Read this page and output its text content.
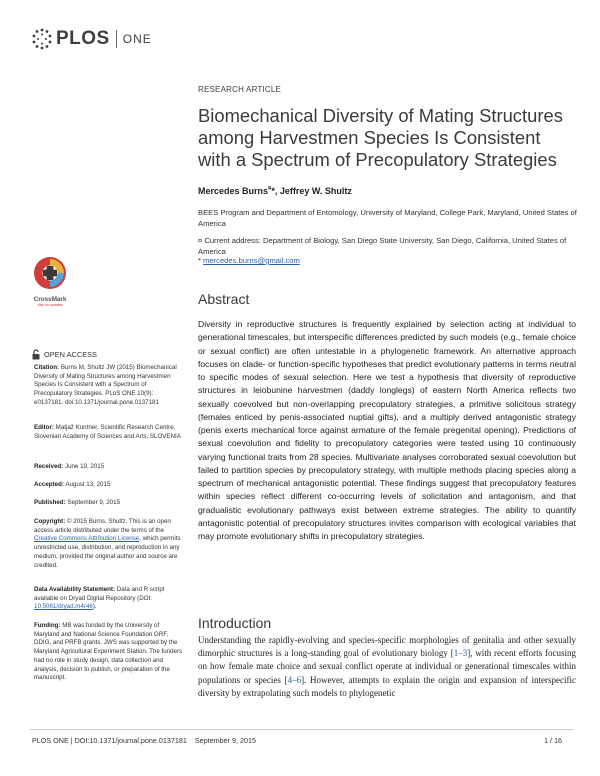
PLOS ONE
RESEARCH ARTICLE
Biomechanical Diversity of Mating Structures among Harvestmen Species Is Consistent with a Spectrum of Precopulatory Strategies
Mercedes Burns¤*, Jeffrey W. Shultz
BEES Program and Department of Entomology, University of Maryland, College Park, Maryland, United States of America
¤ Current address: Department of Biology, San Diego State University, San Diego, California, United States of America
* mercedes.burns@gmail.com
Abstract
Diversity in reproductive structures is frequently explained by selection acting at individual to generational timescales, but interspecific differences predicted by such models (e.g., female choice or sexual conflict) are often untestable in a phylogenetic framework. An alternative approach focuses on clade- or function-specific hypotheses that predict evolutionary patterns in terms neutral to specific modes of sexual selection. Here we test a hypothesis that diversity of reproductive structures in leiobunine harvestmen (daddy longlegs) of eastern North America reflects two sexually coevolved but non-overlapping precopulatory strategies, a primitive solicitous strategy (females enticed by penis-associated nuptial gifts), and a multiply derived antagonistic strategy (penis exerts mechanical force against armature of the female pregenital opening). Predictions of sexual coevolution and fidelity to precopulatory categories were tested using 10 continuously varying functional traits from 28 species. Multivariate analyses corroborated sexual coevolution but failed to partition species by precopulatory strategy, with multiple methods placing species along a spectrum of mechanical antagonistic potential. These findings suggest that precopulatory features within species reflect different co-occurring levels of solicitation and antagonism, and that gradualistic evolutionary pathways exist between extreme strategies. The ability to quantify antagonistic potential of precopulatory structures invites comparison with ecological variables that may promote evolutionary shifts in precopulatory strategies.
Introduction
Understanding the rapidly-evolving and species-specific morphologies of genitalia and other sexually dimorphic structures is a long-standing goal of evolutionary biology [1–3], with recent efforts focusing on how female mate choice and sexual conflict operate at individual or generational timescales within populations or species [4–6]. However, attempts to explain the origin and expansion of interspecific diversity by extrapolating such models to phylogenetic
CrossMark
click for updates
OPEN ACCESS
Citation: Burns M, Shultz JW (2015) Biomechanical Diversity of Mating Structures among Harvestmen Species Is Consistent with a Spectrum of Precopulatory Strategies. PLoS ONE 10(9): e0137181. doi:10.1371/journal.pone.0137181
Editor: Matjaž Kuntner, Scientific Research Centre, Slovenian Academy of Sciences and Arts, SLOVENIA
Received: June 19, 2015
Accepted: August 13, 2015
Published: September 9, 2015
Copyright: © 2015 Burns, Shultz. This is an open access article distributed under the terms of the Creative Commons Attribution License, which permits unrestricted use, distribution, and reproduction in any medium, provided the original author and source are credited.
Data Availability Statement: Data and R script available on Dryad Digital Repository (DOI: 10.5061/dryad.m4r46).
Funding: MB was funded by the University of Maryland and National Science Foundation GRF, DDIG, and PRFB grants. JWS was supported by the Maryland Agricultural Experiment Station. The funders had no role in study design, data collection and analysis, decision to publish, or preparation of the manuscript.
PLOS ONE | DOI:10.1371/journal.pone.0137181    September 9, 2015	1 / 16
